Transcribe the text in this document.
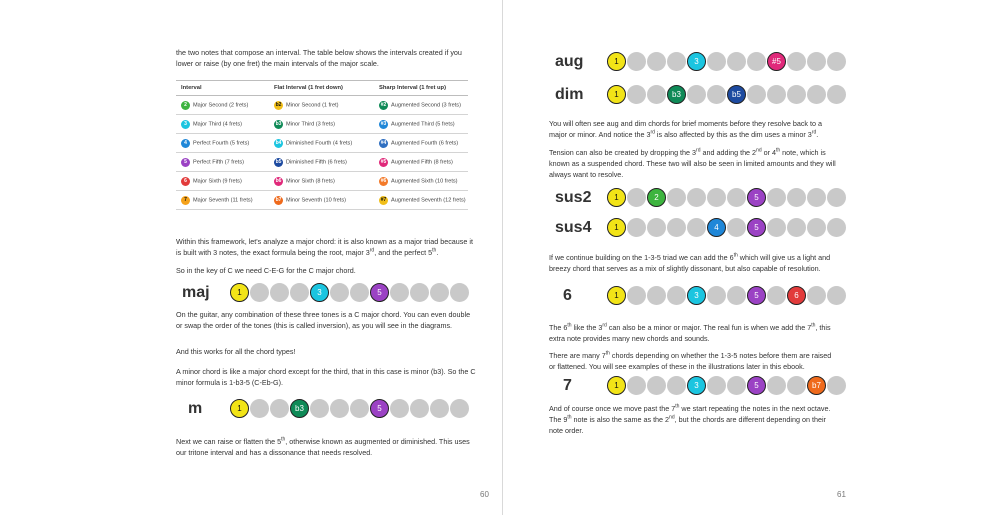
the two notes that compose an interval. The table below shows the intervals created if you lower or raise (by one fret) the main intervals of the major scale.

Interval	Flat Interval (1 fret down)	Sharp Interval (1 fret up)
2 Major Second (2 frets)	b2 Minor Second (1 fret)	#2 Augmented Second (3 frets)
3 Major Third (4 frets)	b3 Minor Third (3 frets)	#3 Augmented Third (5 frets)
4 Perfect Fourth (5 frets)	b4 Diminished Fourth (4 frets)	#4 Augmented Fourth (6 frets)
5 Perfect Fifth (7 frets)	b5 Diminished Fifth (6 frets)	#5 Augmented Fifth (8 frets)
6 Major Sixth (9 frets)	b6 Minor Sixth (8 frets)	#6 Augmented Sixth (10 frets)
7 Major Seventh (11 frets)	b7 Minor Seventh (10 frets)	#7 Augmented Seventh (12 frets)

Within this framework, let's analyze a major chord: it is also known as a major triad because it is built with 3 notes, the exact formula being the root, major 3rd, and the perfect 5th.

So in the key of C we need C-E-G for the C major chord.

maj	1	3	5

On the guitar, any combination of these three tones is a C major chord. You can even double or swap the order of the tones (this is called inversion), as you will see in the diagrams.

And this works for all the chord types!

A minor chord is like a major chord except for the third, that in this case is minor (b3). So the C minor formula is 1-b3-5 (C-Eb-G).

m	1	b3	5

Next we can raise or flatten the 5th, otherwise known as augmented or diminished. This uses our tritone interval and has a dissonance that needs resolved.

60
aug	1	3	#5
dim	1	b3	b5

You will often see aug and dim chords for brief moments before they resolve back to a major or minor. And notice the 3rd is also affected by this as the dim uses a minor 3rd.

Tension can also be created by dropping the 3rd and adding the 2nd or 4th note, which is known as a suspended chord. These two will also be seen in limited amounts and they will always want to resolve.

sus2	1	2	5
sus4	1	4	5

If we continue building on the 1-3-5 triad we can add the 6th which will give us a light and breezy chord that serves as a mix of slightly dissonant, but also capable of resolution.

6	1	3	5	6

The 6th like the 3rd can also be a minor or major. The real fun is when we add the 7th, this extra note provides many new chords and sounds.

There are many 7th chords depending on whether the 1-3-5 notes before them are raised or flattened. You will see examples of these in the illustrations later in this ebook.

7	1	3	5	b7

And of course once we move past the 7th we start repeating the notes in the next octave. The 9th note is also the same as the 2nd, but the chords are different depending on their note order.

61
